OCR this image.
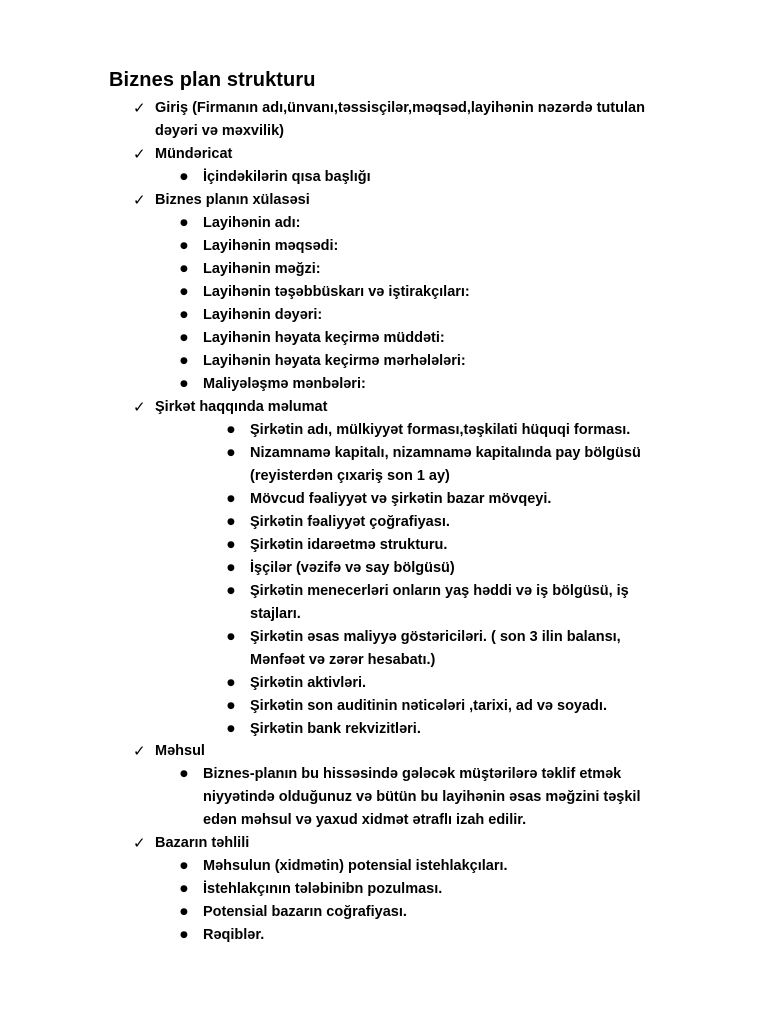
Biznes plan strukturu
✓ Giriş (Firmanın adı,ünvanı,təssisçilər,məqsəd,layihənin nəzərdə tutulan
dəyəri və məxvilik)
✓ Mündəricat
● İçindəkilərin qısa başlığı
✓ Biznes planın xülasəsi
● Layihənin adı:
● Layihənin məqsədi:
● Layihənin məğzi:
● Layihənin təşəbbüskarı və iştirakçıları:
● Layihənin dəyəri:
● Layihənin həyata keçirmə müddəti:
● Layihənin həyata keçirmə mərhələləri:
● Maliyələşmə mənbələri:
✓ Şirkət haqqında məlumat
● Şirkətin adı, mülkiyyət forması,təşkilati hüquqi forması.
● Nizamnamə kapitalı, nizamnamə kapitalında pay bölgüsü
(reyisterdən çıxariş son 1 ay)
● Mövcud fəaliyyət və şirkətin bazar mövqeyi.
● Şirkətin fəaliyyət çoğrafiyası.
● Şirkətin idarəetmə strukturu.
● İşçilər (vəzifə və say bölgüsü)
● Şirkətin menecerləri onların yaş həddi və iş bölgüsü, iş
stajları.
● Şirkətin əsas maliyyə göstəriciləri. ( son 3 ilin balansı,
Mənfəət və zərər hesabatı.)
● Şirkətin aktivləri.
● Şirkətin son auditinin nəticələri ,tarixi, ad və soyadı.
● Şirkətin bank rekvizitləri.
✓ Məhsul
● Biznes-planın bu hissəsində gələcək müştərilərə təklif etmək
niyyətində olduğunuz və bütün bu layihənin əsas məğzini təşkil
edən məhsul və yaxud xidmət ətraflı izah edilir.
✓ Bazarın təhlili
● Məhsulun (xidmətin) potensial istehlakçıları.
● İstehlakçının tələbinibn pozulması.
● Potensial bazarın coğrafiyası.
● Rəqiblər.
